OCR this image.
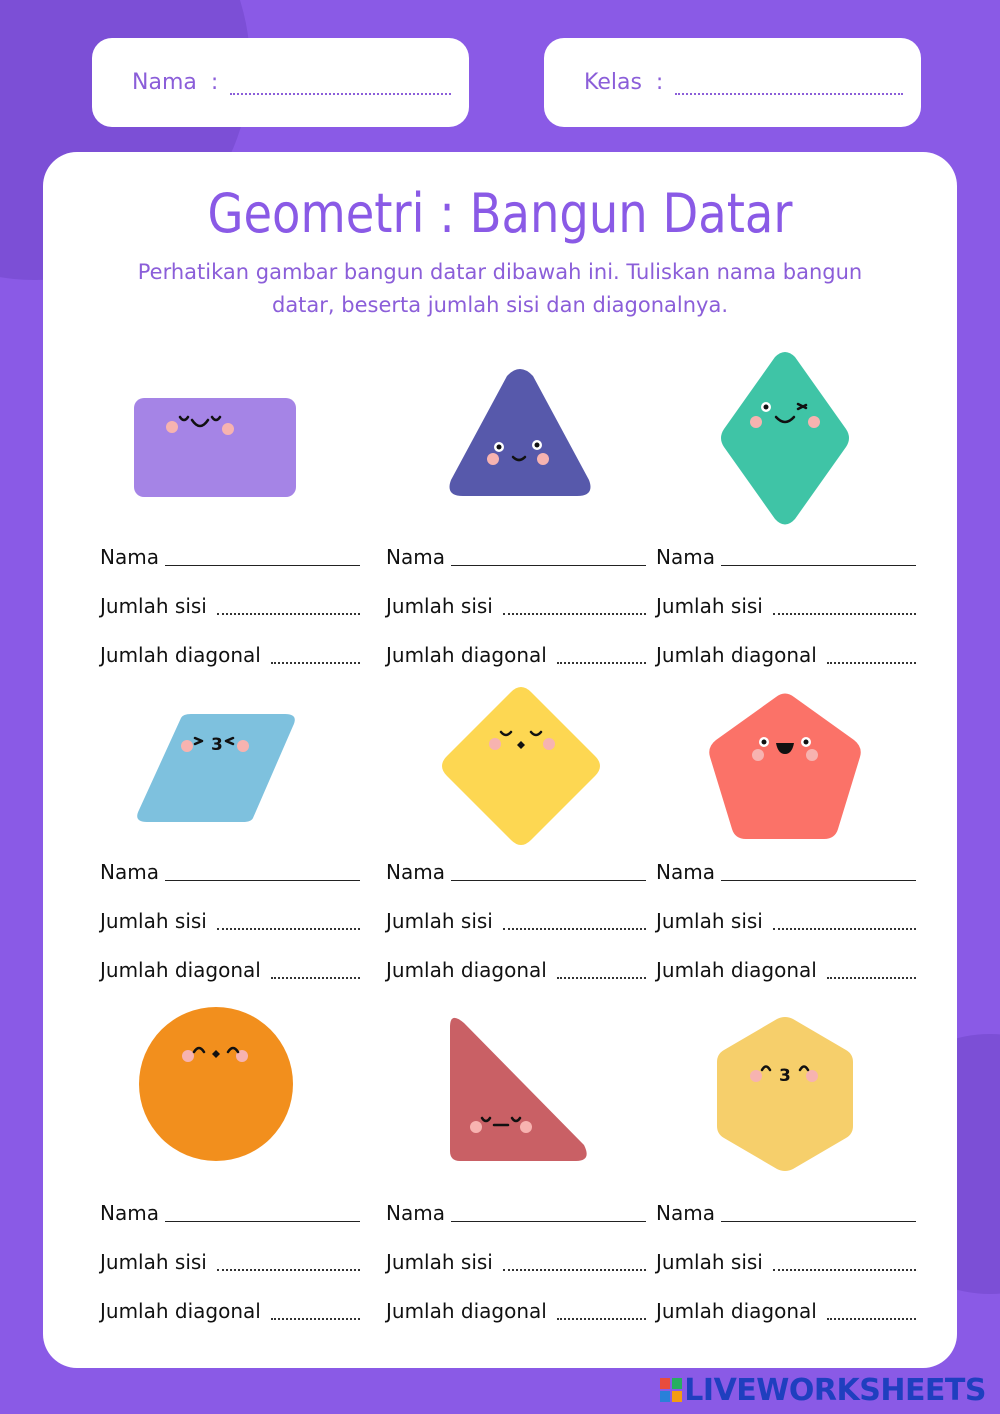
Nama  :	Kelas  :
Geometri : Bangun Datar
Perhatikan gambar bangun datar dibawah ini. Tuliskan nama bangun datar, beserta jumlah sisi dan diagonalnya.
Nama
Jumlah sisi
Jumlah diagonal
Nama
Jumlah sisi
Jumlah diagonal
Nama
Jumlah sisi
Jumlah diagonal
3
Nama
Jumlah sisi
Jumlah diagonal
Nama
Jumlah sisi
Jumlah diagonal
Nama
Jumlah sisi
Jumlah diagonal
Nama
Jumlah sisi
Jumlah diagonal
Nama
Jumlah sisi
Jumlah diagonal
3
Nama
Jumlah sisi
Jumlah diagonal
LIVEWORKSHEETS
